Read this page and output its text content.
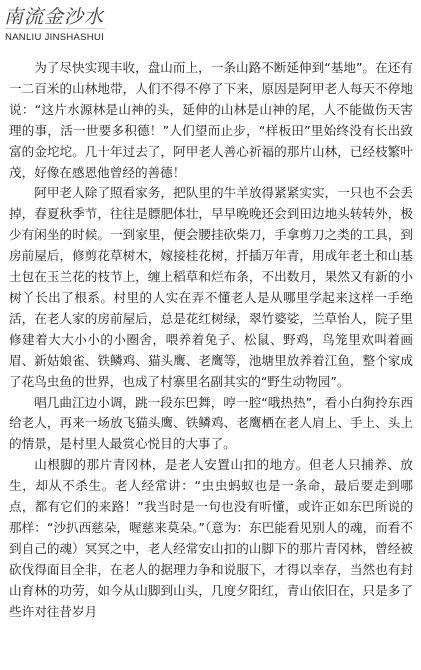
南流金沙水
NANLIU JINSHASHUI

为了尽快实现丰收，盘山而上，一条山路不断延伸到“基地”。在还有一二百米的山林地带，人们不得不停了下来，原因是阿甲老人每天不停地说：“这片水源林是山神的头，延伸的山林是山神的尾，人不能做伤天害理的事，活一世要多积德！”人们望而止步，“样板田”里始终没有长出致富的金坨坨。几十年过去了，阿甲老人善心祈福的那片山林，已经枝繁叶茂，好像在感恩他曾经的善德！

阿甲老人除了照看家务，把队里的牛羊放得紧紧实实，一只也不会丢掉，春夏秋季节，往往是膘肥体壮，早早晚晚还会到田边地头转转外，极少有闲坐的时候。一到家里，便会腰挂砍柴刀，手拿剪刀之类的工具，到房前屋后，修剪花草树木，嫁接桂花树，扦插万年青，用成年老土和山基土包在玉兰花的枝节上，缠上稻草和烂布条，不出数月，果然又有新的小树丫长出了根系。村里的人实在弄不懂老人是从哪里学起来这样一手绝活，在老人家的房前屋后，总是花红树绿，翠竹婆娑，兰草怡人，院子里修建着大大小小的小圈舍，喂养着兔子、松鼠、野鸡，鸟笼里欢叫着画眉、新姑娘雀、铁鳞鸡、猫头鹰、老鹰等，池塘里放养着江鱼，整个家成了花鸟虫鱼的世界，也成了村寨里名副其实的“野生动物园”。

唱几曲江边小调，跳一段东巴舞，哼一腔“哦热热”，看小白狗拎东西给老人，再来一场放飞猫头鹰、铁鳞鸡、老鹰栖在老人肩上、手上、头上的情景，是村里人最赏心悦目的大事了。

山根脚的那片青冈林，是老人安置山扣的地方。但老人只捕养、放生，却从不杀生。老人经常讲：“虫虫蚂蚁也是一条命，最后要走到哪点，都有它们的来路！”我当时是一句也没有听懂，或许正如东巴所说的那样：“沙扒西慈朵，喔慈来莫朵。”（意为：东巴能看见别人的魂，而看不到自己的魂）冥冥之中，老人经常安山扣的山脚下的那片青冈林，曾经被砍伐得面目全非，在老人的据理力争和说服下，才得以幸存，当然也有封山育林的功劳，如今从山脚到山头，几度夕阳红，青山依旧在，只是多了些许对往昔岁月
